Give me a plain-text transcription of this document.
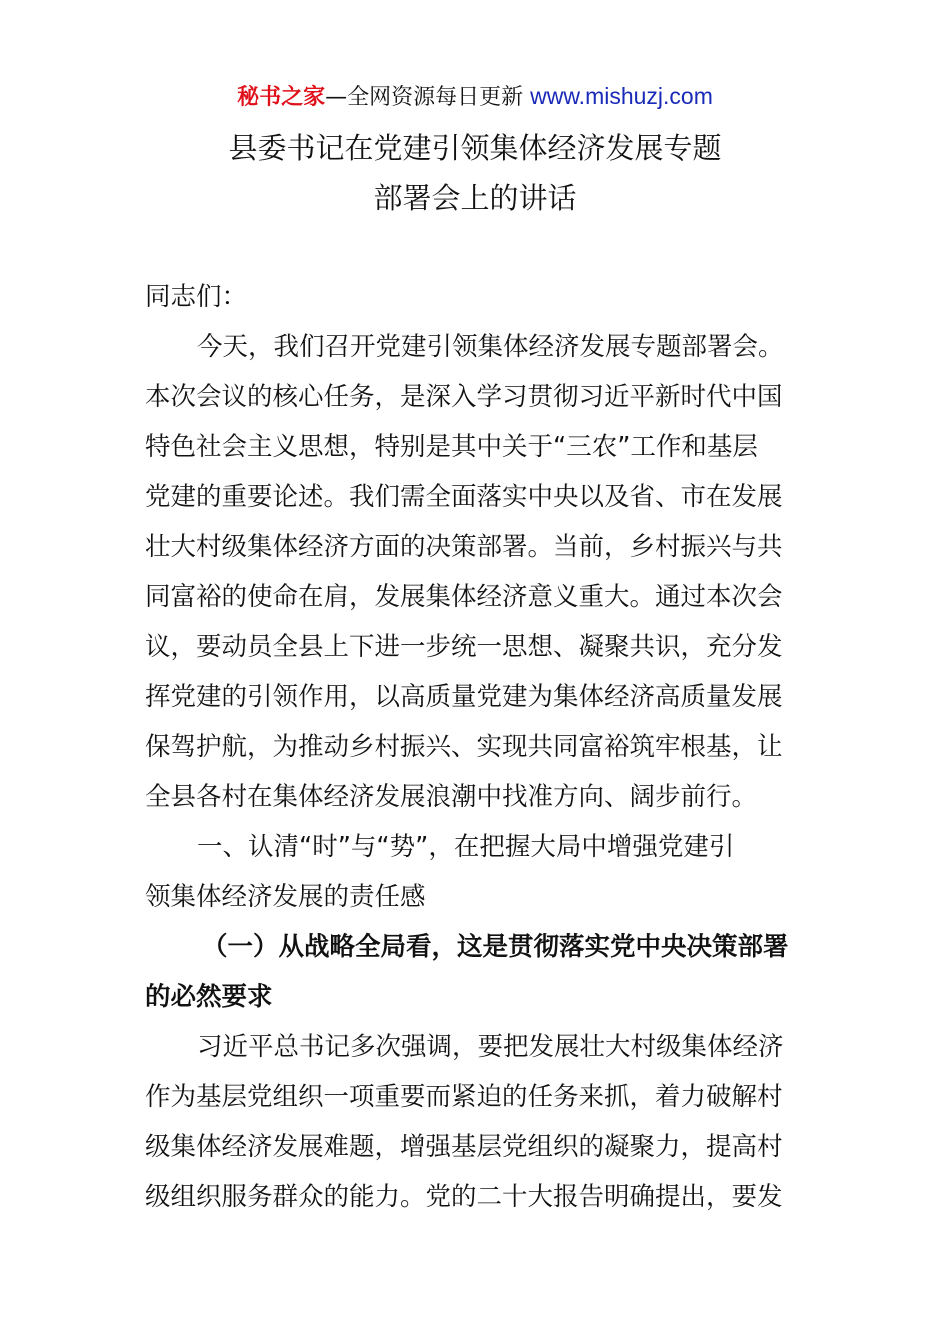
秘书之家—全网资源每日更新 www.mishuzj.com
县委书记在党建引领集体经济发展专题
部署会上的讲话
同志们：
今天，我们召开党建引领集体经济发展专题部署会。
本次会议的核心任务，是深入学习贯彻习近平新时代中国
特色社会主义思想，特别是其中关于“三农”工作和基层
党建的重要论述。我们需全面落实中央以及省、市在发展
壮大村级集体经济方面的决策部署。当前，乡村振兴与共
同富裕的使命在肩，发展集体经济意义重大。通过本次会
议，要动员全县上下进一步统一思想、凝聚共识，充分发
挥党建的引领作用，以高质量党建为集体经济高质量发展
保驾护航，为推动乡村振兴、实现共同富裕筑牢根基，让
全县各村在集体经济发展浪潮中找准方向、阔步前行。
一、认清“时”与“势”，在把握大局中增强党建引
领集体经济发展的责任感
（一）从战略全局看，这是贯彻落实党中央决策部署
的必然要求
习近平总书记多次强调，要把发展壮大村级集体经济
作为基层党组织一项重要而紧迫的任务来抓，着力破解村
级集体经济发展难题，增强基层党组织的凝聚力，提高村
级组织服务群众的能力。党的二十大报告明确提出，要发
